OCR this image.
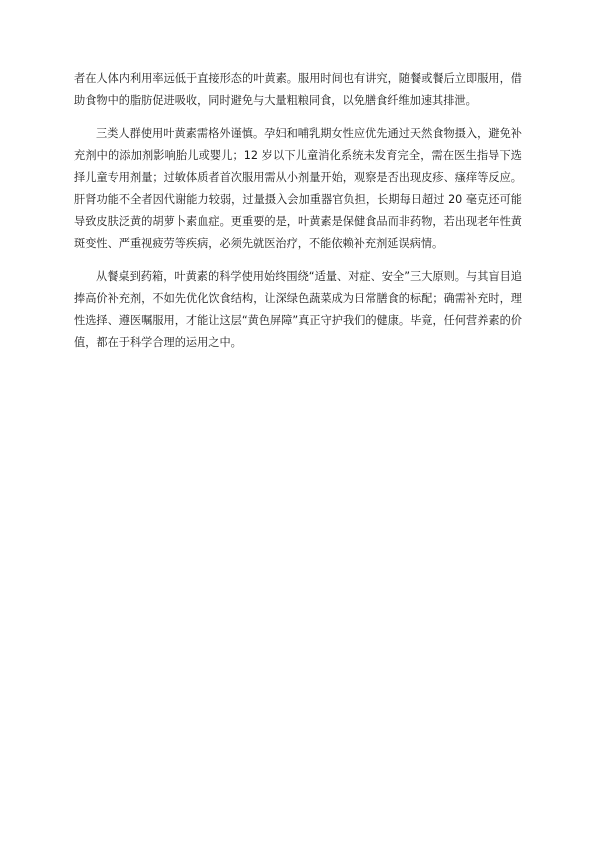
者在人体内利用率远低于直接形态的叶黄素。服用时间也有讲究，随餐或餐后立即服用，借助食物中的脂肪促进吸收，同时避免与大量粗粮同食，以免膳食纤维加速其排泄。

三类人群使用叶黄素需格外谨慎。孕妇和哺乳期女性应优先通过天然食物摄入，避免补充剂中的添加剂影响胎儿或婴儿；12 岁以下儿童消化系统未发育完全，需在医生指导下选择儿童专用剂量；过敏体质者首次服用需从小剂量开始，观察是否出现皮疹、瘙痒等反应。肝肾功能不全者因代谢能力较弱，过量摄入会加重器官负担，长期每日超过 20 毫克还可能导致皮肤泛黄的胡萝卜素血症。更重要的是，叶黄素是保健食品而非药物，若出现老年性黄斑变性、严重视疲劳等疾病，必须先就医治疗，不能依赖补充剂延误病情。

从餐桌到药箱，叶黄素的科学使用始终围绕“适量、对症、安全”三大原则。与其盲目追捧高价补充剂，不如先优化饮食结构，让深绿色蔬菜成为日常膳食的标配；确需补充时，理性选择、遵医嘱服用，才能让这层“黄色屏障”真正守护我们的健康。毕竟，任何营养素的价值，都在于科学合理的运用之中。
